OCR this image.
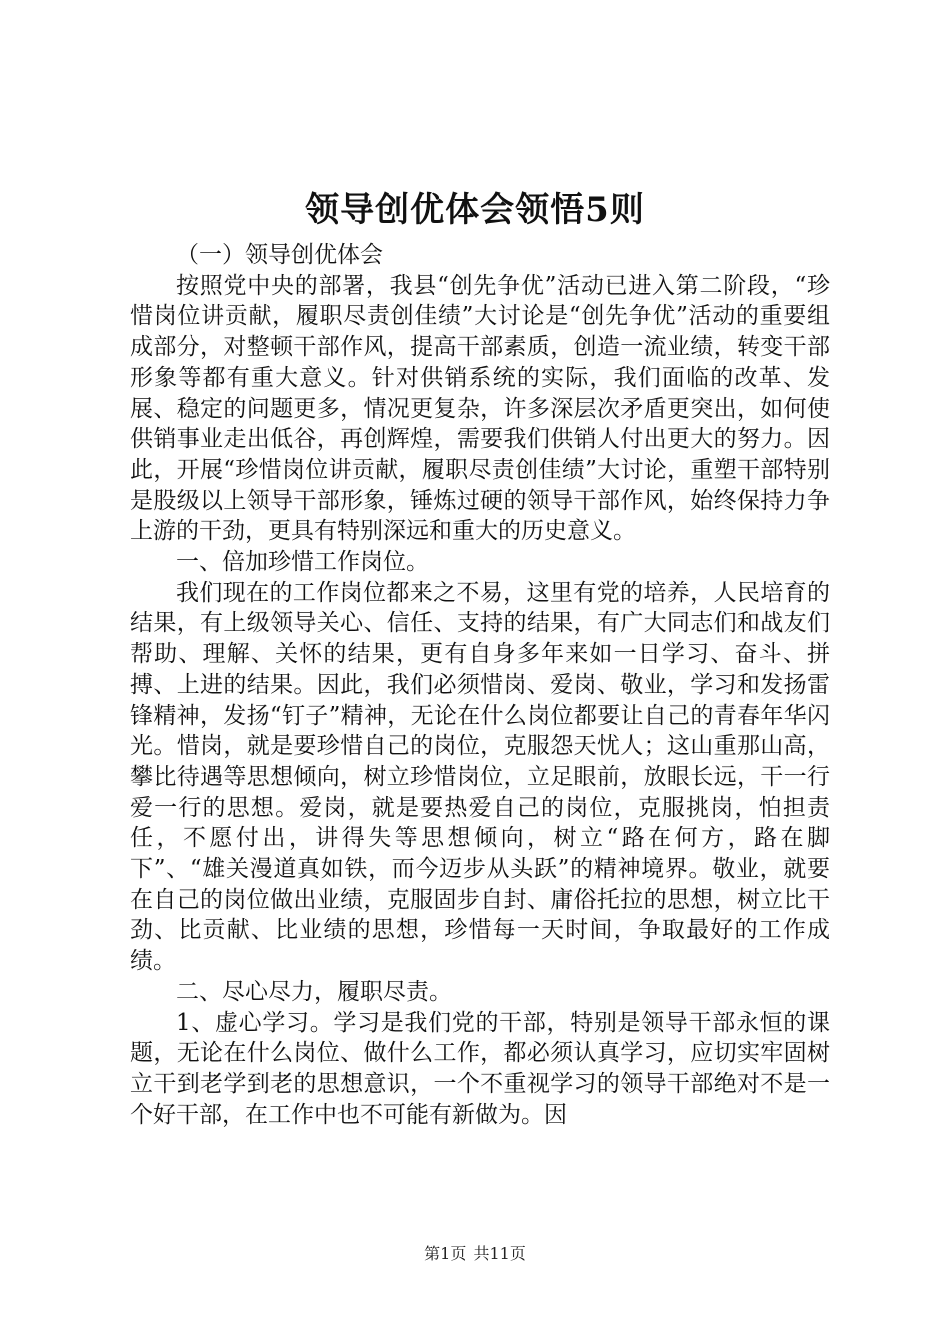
领导创优体会领悟5则

（一）领导创优体会

按照党中央的部署，我县“创先争优”活动已进入第二阶段，“珍惜岗位讲贡献，履职尽责创佳绩”大讨论是“创先争优”活动的重要组成部分，对整顿干部作风，提高干部素质，创造一流业绩，转变干部形象等都有重大意义。针对供销系统的实际，我们面临的改革、发展、稳定的问题更多，情况更复杂，许多深层次矛盾更突出，如何使供销事业走出低谷，再创辉煌，需要我们供销人付出更大的努力。因此，开展“珍惜岗位讲贡献，履职尽责创佳绩”大讨论，重塑干部特别是股级以上领导干部形象，锤炼过硬的领导干部作风，始终保持力争上游的干劲，更具有特别深远和重大的历史意义。

一、倍加珍惜工作岗位。

我们现在的工作岗位都来之不易，这里有党的培养，人民培育的结果，有上级领导关心、信任、支持的结果，有广大同志们和战友们帮助、理解、关怀的结果，更有自身多年来如一日学习、奋斗、拼搏、上进的结果。因此，我们必须惜岗、爱岗、敬业，学习和发扬雷锋精神，发扬“钉子”精神，无论在什么岗位都要让自己的青春年华闪光。惜岗，就是要珍惜自己的岗位，克服怨天忧人；这山重那山高，攀比待遇等思想倾向，树立珍惜岗位，立足眼前，放眼长远，干一行爱一行的思想。爱岗，就是要热爱自己的岗位，克服挑岗，怕担责任，不愿付出，讲得失等思想倾向，树立“路在何方，路在脚下”、“雄关漫道真如铁，而今迈步从头跃”的精神境界。敬业，就要在自己的岗位做出业绩，克服固步自封、庸俗托拉的思想，树立比干劲、比贡献、比业绩的思想，珍惜每一天时间，争取最好的工作成绩。

二、尽心尽力，履职尽责。

1、虚心学习。学习是我们党的干部，特别是领导干部永恒的课题，无论在什么岗位、做什么工作，都必须认真学习，应切实牢固树立干到老学到老的思想意识，一个不重视学习的领导干部绝对不是一个好干部，在工作中也不可能有新做为。因

第1页 共11页
